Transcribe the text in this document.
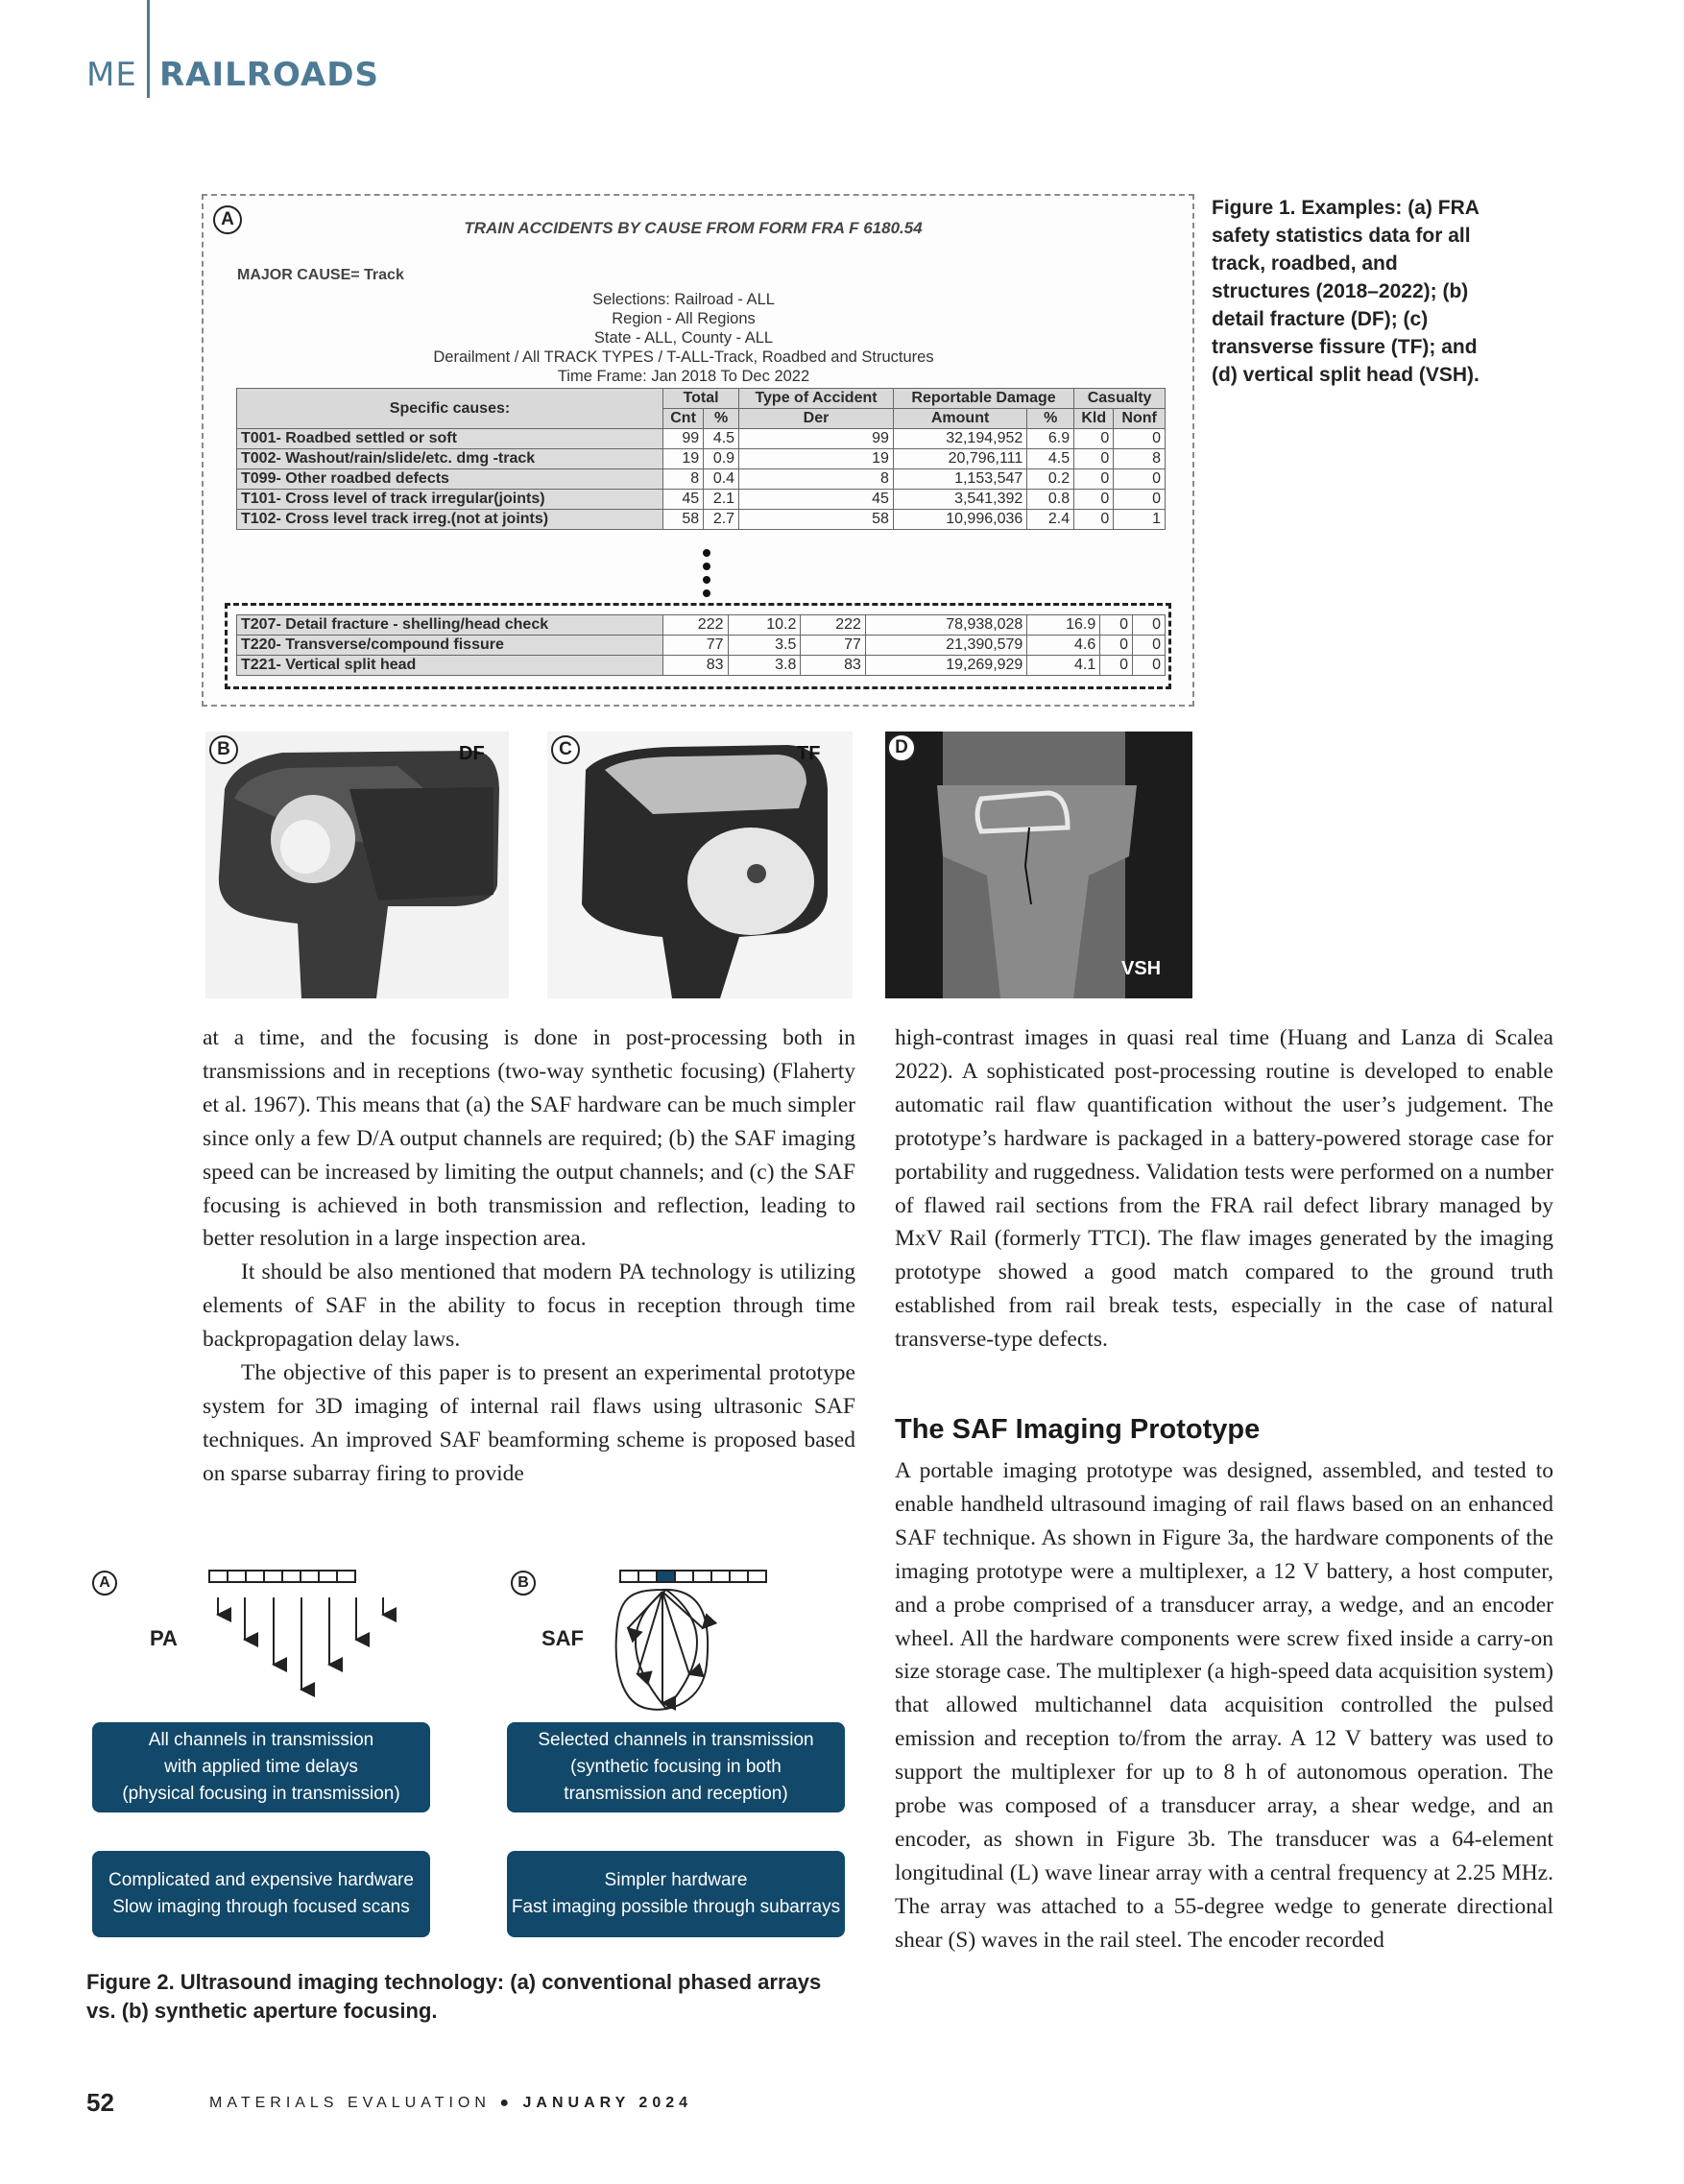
ME RAILROADS
A	TRAIN ACCIDENTS BY CAUSE FROM FORM FRA F 6180.54
MAJOR CAUSE= Track
Selections: Railroad - ALL
Region - All Regions
State - ALL, County - ALL
Derailment / All TRACK TYPES / T-ALL-Track, Roadbed and Structures
Time Frame: Jan 2018 To Dec 2022
Specific causes:	Total		Type of Accident	Reportable Damage		Casualty	
	Cnt	%	Der	Amount	%	Kld	Nonf
T001- Roadbed settled or soft	99	4.5	99	32,194,952	6.9	0	0
T002- Washout/rain/slide/etc. dmg -track	19	0.9	19	20,796,111	4.5	0	8
T099- Other roadbed defects	8	0.4	8	1,153,547	0.2	0	0
T101- Cross level of track irregular(joints)	45	2.1	45	3,541,392	0.8	0	0
T102- Cross level track irreg.(not at joints)	58	2.7	58	10,996,036	2.4	0	1
T207- Detail fracture - shelling/head check	222	10.2	222	78,938,028	16.9	0	0
T220- Transverse/compound fissure	77	3.5	77	21,390,579	4.6	0	0
T221- Vertical split head	83	3.8	83	19,269,929	4.1	0	0
Figure 1. Examples: (a) FRA safety statistics data for all track, roadbed, and structures (2018–2022); (b) detail fracture (DF); (c) transverse fissure (TF); and (d) vertical split head (VSH).
B	DF	C	TF	D
VSH

at a time, and the focusing is done in post-processing both in transmissions and in receptions (two-way synthetic focusing) (Flaherty et al. 1967). This means that (a) the SAF hardware can be much simpler since only a few D/A output channels are required; (b) the SAF imaging speed can be increased by limiting the output channels; and (c) the SAF focusing is achieved in both transmission and reflection, leading to better resolution in a large inspection area.

It should be also mentioned that modern PA technology is utilizing elements of SAF in the ability to focus in reception through time backpropagation delay laws.

The objective of this paper is to present an experimental prototype system for 3D imaging of internal rail flaws using ultrasonic SAF techniques. An improved SAF beamforming scheme is proposed based on sparse subarray firing to provide

high-contrast images in quasi real time (Huang and Lanza di Scalea 2022). A sophisticated post-processing routine is developed to enable automatic rail flaw quantification without the user’s judgement. The prototype’s hardware is packaged in a battery-powered storage case for portability and ruggedness. Validation tests were performed on a number of flawed rail sections from the FRA rail defect library managed by MxV Rail (formerly TTCI). The flaw images generated by the imaging prototype showed a good match compared to the ground truth established from rail break tests, especially in the case of natural transverse-type defects.

The SAF Imaging Prototype

A portable imaging prototype was designed, assembled, and tested to enable handheld ultrasound imaging of rail flaws based on an enhanced SAF technique. As shown in Figure 3a, the hardware components of the imaging prototype were a multiplexer, a 12 V battery, a host computer, and a probe comprised of a transducer array, a wedge, and an encoder wheel. All the hardware components were screw fixed inside a carry-on size storage case. The multiplexer (a high-speed data acquisition system) that allowed multichannel data acquisition controlled the pulsed emission and reception to/from the array. A 12 V battery was used to support the multiplexer for up to 8 h of autonomous operation. The probe was composed of a transducer array, a shear wedge, and an encoder, as shown in Figure 3b. The transducer was a 64-element longitudinal (L) wave linear array with a central frequency at 2.25 MHz. The array was attached to a 55-degree wedge to generate directional shear (S) waves in the rail steel. The encoder recorded

A	B
PA	SAF
All channels in transmission
with applied time delays
(physical focusing in transmission)
Complicated and expensive hardware
Slow imaging through focused scans
Selected channels in transmission
(synthetic focusing in both
transmission and reception)
Simpler hardware
Fast imaging possible through subarrays
Figure 2. Ultrasound imaging technology: (a) conventional phased arrays vs. (b) synthetic aperture focusing.
52	MATERIALS EVALUATION ● JANUARY 2024
